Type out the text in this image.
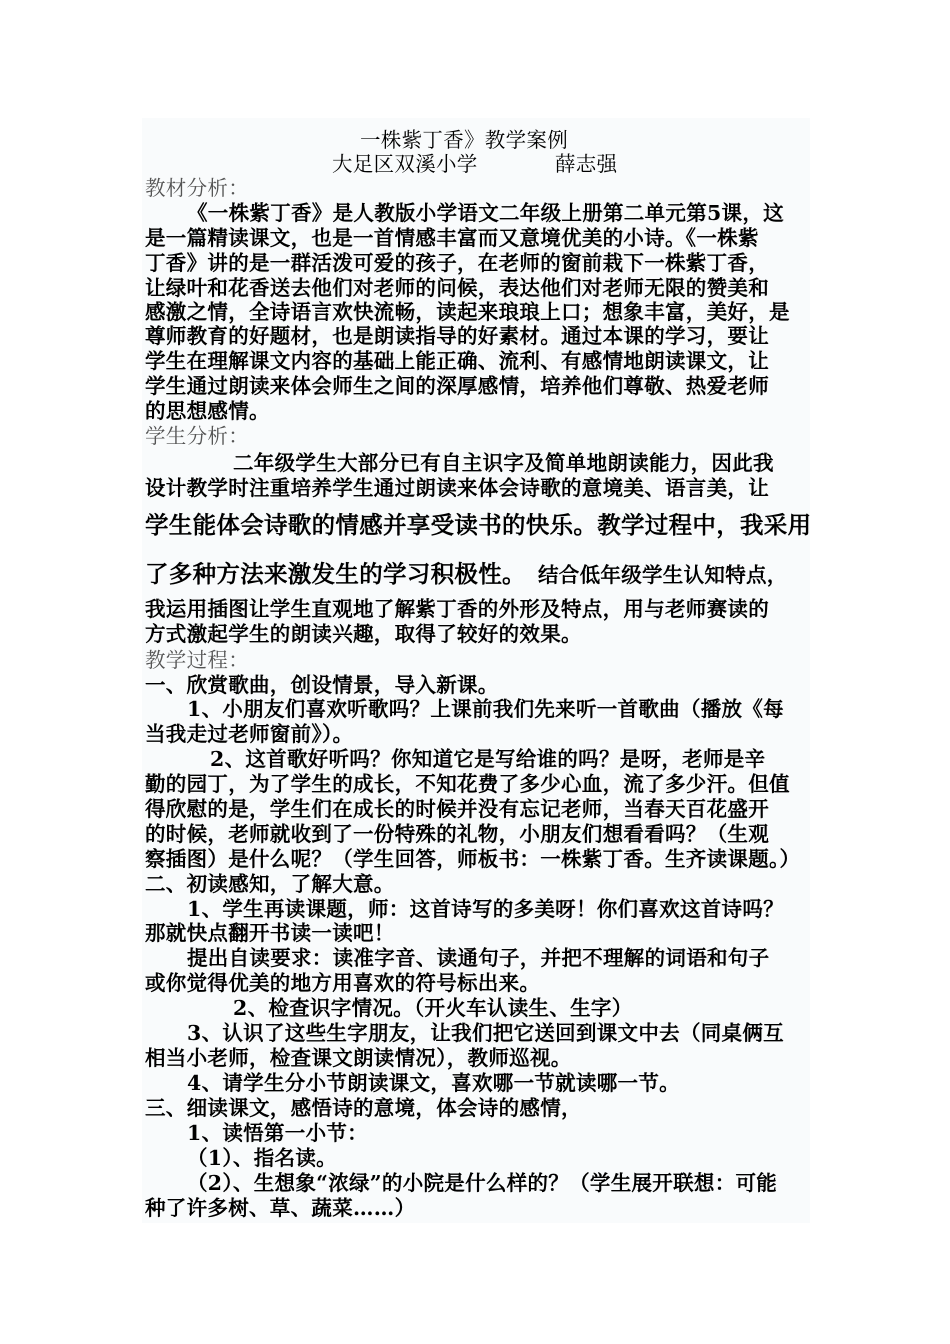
一株紫丁香》教学案例
大足区双溪小学	薛志强
教材分析：
《一株紫丁香》是人教版小学语文二年级上册第二单元第5课，这
是一篇精读课文，也是一首情感丰富而又意境优美的小诗。《一株紫
丁香》讲的是一群活泼可爱的孩子，在老师的窗前栽下一株紫丁香，
让绿叶和花香送去他们对老师的问候，表达他们对老师无限的赞美和
感激之情，全诗语言欢快流畅，读起来琅琅上口；想象丰富，美好，是
尊师教育的好题材，也是朗读指导的好素材。通过本课的学习，要让
学生在理解课文内容的基础上能正确、流利、有感情地朗读课文，让
学生通过朗读来体会师生之间的深厚感情，培养他们尊敬、热爱老师
的思想感情。
学生分析：
二年级学生大部分已有自主识字及简单地朗读能力，因此我
设计教学时注重培养学生通过朗读来体会诗歌的意境美、语言美，让
学生能体会诗歌的情感并享受读书的快乐。教学过程中，我采用
了多种方法来激发生的学习积极性。 结合低年级学生认知特点，
我运用插图让学生直观地了解紫丁香的外形及特点，用与老师赛读的
方式激起学生的朗读兴趣，取得了较好的效果。
教学过程：
一、欣赏歌曲，创设情景，导入新课。
1、小朋友们喜欢听歌吗？上课前我们先来听一首歌曲（播放《每
当我走过老师窗前》）。
2、这首歌好听吗？你知道它是写给谁的吗？是呀，老师是辛
勤的园丁，为了学生的成长，不知花费了多少心血，流了多少汗。但值
得欣慰的是，学生们在成长的时候并没有忘记老师，当春天百花盛开
的时候，老师就收到了一份特殊的礼物，小朋友们想看看吗？（生观
察插图）是什么呢？（学生回答，师板书：一株紫丁香。生齐读课题。）
二、初读感知，了解大意。
1、学生再读课题，师：这首诗写的多美呀！你们喜欢这首诗吗？
那就快点翻开书读一读吧！
提出自读要求：读准字音、读通句子，并把不理解的词语和句子
或你觉得优美的地方用喜欢的符号标出来。
2、检查识字情况。（开火车认读生、生字）
3、认识了这些生字朋友，让我们把它送回到课文中去（同桌俩互
相当小老师，检查课文朗读情况），教师巡视。
4、请学生分小节朗读课文，喜欢哪一节就读哪一节。
三、细读课文，感悟诗的意境，体会诗的感情，
1、读悟第一小节：
（1）、指名读。
（2）、生想象“浓绿”的小院是什么样的？（学生展开联想：可能
种了许多树、草、蔬菜……）
